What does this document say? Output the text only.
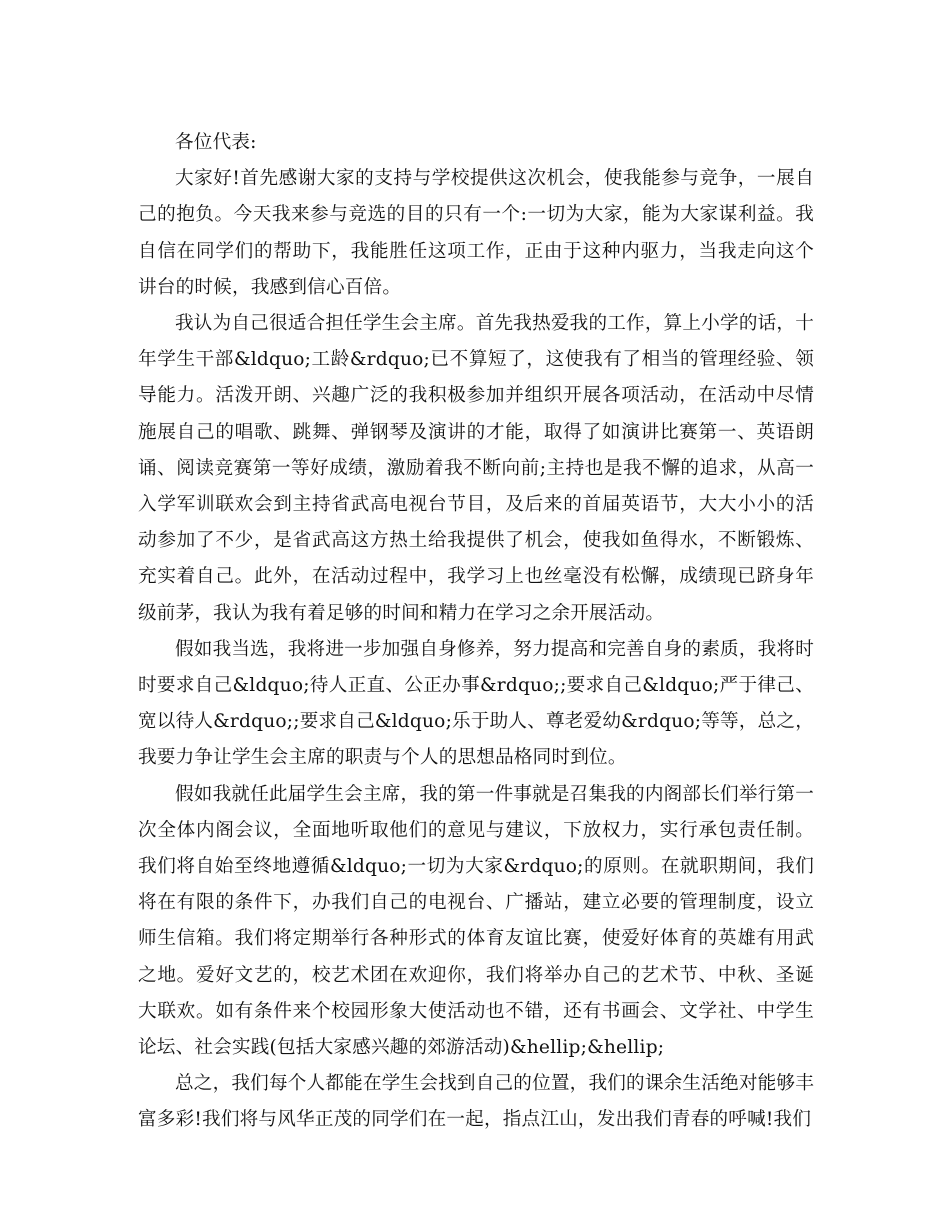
各位代表:

大家好!首先感谢大家的支持与学校提供这次机会，使我能参与竞争，一展自己的抱负。今天我来参与竞选的目的只有一个:一切为大家，能为大家谋利益。我自信在同学们的帮助下，我能胜任这项工作，正由于这种内驱力，当我走向这个讲台的时候，我感到信心百倍。

我认为自己很适合担任学生会主席。首先我热爱我的工作，算上小学的话，十年学生干部&ldquo;工龄&rdquo;已不算短了，这使我有了相当的管理经验、领导能力。活泼开朗、兴趣广泛的我积极参加并组织开展各项活动，在活动中尽情施展自己的唱歌、跳舞、弹钢琴及演讲的才能，取得了如演讲比赛第一、英语朗诵、阅读竞赛第一等好成绩，激励着我不断向前;主持也是我不懈的追求，从高一入学军训联欢会到主持省武高电视台节目，及后来的首届英语节，大大小小的活动参加了不少，是省武高这方热土给我提供了机会，使我如鱼得水，不断锻炼、充实着自己。此外，在活动过程中，我学习上也丝毫没有松懈，成绩现已跻身年级前茅，我认为我有着足够的时间和精力在学习之余开展活动。

假如我当选，我将进一步加强自身修养，努力提高和完善自身的素质，我将时时要求自己&ldquo;待人正直、公正办事&rdquo;;要求自己&ldquo;严于律己、宽以待人&rdquo;;要求自己&ldquo;乐于助人、尊老爱幼&rdquo;等等，总之，我要力争让学生会主席的职责与个人的思想品格同时到位。

假如我就任此届学生会主席，我的第一件事就是召集我的内阁部长们举行第一次全体内阁会议，全面地听取他们的意见与建议，下放权力，实行承包责任制。我们将自始至终地遵循&ldquo;一切为大家&rdquo;的原则。在就职期间，我们将在有限的条件下，办我们自己的电视台、广播站，建立必要的管理制度，设立师生信箱。我们将定期举行各种形式的体育友谊比赛，使爱好体育的英雄有用武之地。爱好文艺的，校艺术团在欢迎你，我们将举办自己的艺术节、中秋、圣诞大联欢。如有条件来个校园形象大使活动也不错，还有书画会、文学社、中学生论坛、社会实践(包括大家感兴趣的郊游活动)&hellip;&hellip;

总之，我们每个人都能在学生会找到自己的位置，我们的课余生活绝对能够丰富多彩!我们将与风华正茂的同学们在一起，指点江山，发出我们青春的呼喊!我们
